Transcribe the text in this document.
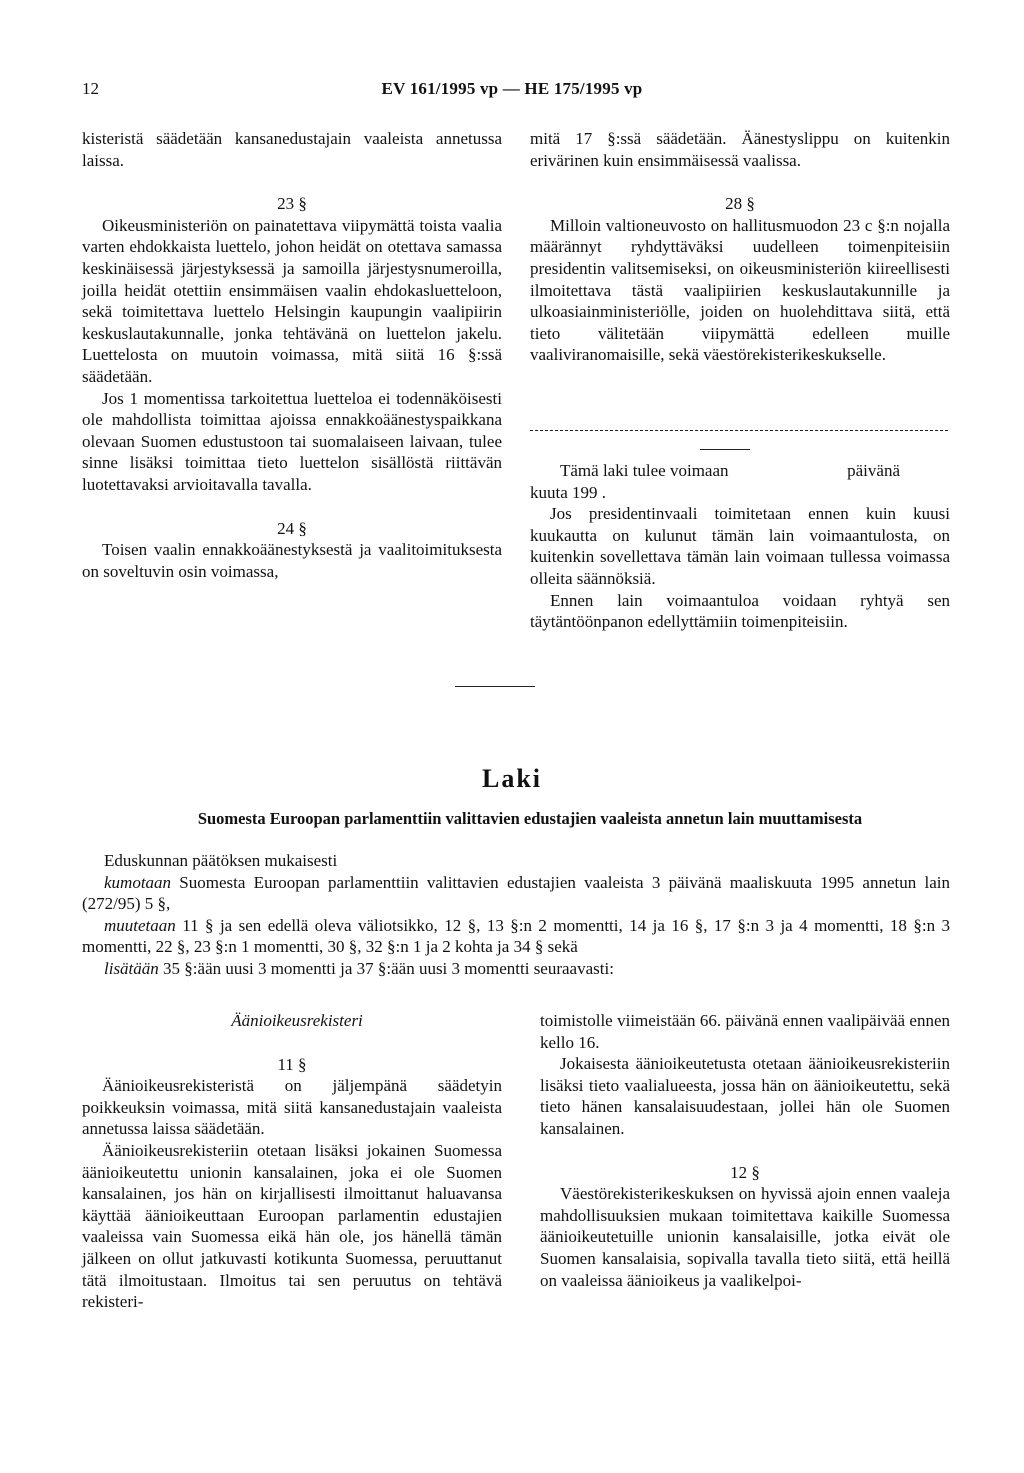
12	EV 161/1995 vp — HE 175/1995 vp

kisteristä säädetään kansanedustajain vaaleista annetussa laissa.

23 §

Oikeusministeriön on painatettava viipymättä toista vaalia varten ehdokkaista luettelo, johon heidät on otettava samassa keskinäisessä järjestyksessä ja samoilla järjestysnumeroilla, joilla heidät otettiin ensimmäisen vaalin ehdokasluetteloon, sekä toimitettava luettelo Helsingin kaupungin vaalipiirin keskuslautakunnalle, jonka tehtävänä on luettelon jakelu. Luettelosta on muutoin voimassa, mitä siitä 16 §:ssä säädetään.

Jos 1 momentissa tarkoitettua luetteloa ei todennäköisesti ole mahdollista toimittaa ajoissa ennakkoäänestyspaikkana olevaan Suomen edustustoon tai suomalaiseen laivaan, tulee sinne lisäksi toimittaa tieto luettelon sisällöstä riittävän luotettavaksi arvioitavalla tavalla.

24 §

Toisen vaalin ennakkoäänestyksestä ja vaalitoimituksesta on soveltuvin osin voimassa,

mitä 17 §:ssä säädetään. Äänestyslippu on kuitenkin erivärinen kuin ensimmäisessä vaalissa.

28 §

Milloin valtioneuvosto on hallitusmuodon 23 c §:n nojalla määrännyt ryhdyttäväksi uudelleen toimenpiteisiin presidentin valitsemiseksi, on oikeusministeriön kiireellisesti ilmoitettava tästä vaalipiirien keskuslautakunnille ja ulkoasiainministeriölle, joiden on huolehdittava siitä, että tieto välitetään viipymättä edelleen muille vaaliviranomaisille, sekä väestörekisterikeskukselle.

Tämä laki tulee voimaan	päivänä

kuuta 199 .

Jos presidentinvaali toimitetaan ennen kuin kuusi kuukautta on kulunut tämän lain voimaantulosta, on kuitenkin sovellettava tämän lain voimaan tullessa voimassa olleita säännöksiä.

Ennen lain voimaantuloa voidaan ryhtyä sen täytäntöönpanon edellyttämiin toimenpiteisiin.

Laki
Suomesta Euroopan parlamenttiin valittavien edustajien vaaleista annetun lain muuttamisesta

Eduskunnan päätöksen mukaisesti

kumotaan Suomesta Euroopan parlamenttiin valittavien edustajien vaaleista 3 päivänä maaliskuuta 1995 annetun lain (272/95) 5 §,

muutetaan 11 § ja sen edellä oleva väliotsikko, 12 §, 13 §:n 2 momentti, 14 ja 16 §, 17 §:n 3 ja 4 momentti, 18 §:n 3 momentti, 22 §, 23 §:n 1 momentti, 30 §, 32 §:n 1 ja 2 kohta ja 34 § sekä

lisätään 35 §:ään uusi 3 momentti ja 37 §:ään uusi 3 momentti seuraavasti:

Äänioikeusrekisteri

11 §

Äänioikeusrekisteristä on jäljempänä säädetyin poikkeuksin voimassa, mitä siitä kansanedustajain vaaleista annetussa laissa säädetään.

Äänioikeusrekisteriin otetaan lisäksi jokainen Suomessa äänioikeutettu unionin kansalainen, joka ei ole Suomen kansalainen, jos hän on kirjallisesti ilmoittanut haluavansa käyttää äänioikeuttaan Euroopan parlamentin edustajien vaaleissa vain Suomessa eikä hän ole, jos hänellä tämän jälkeen on ollut jatkuvasti kotikunta Suomessa, peruuttanut tätä ilmoitustaan. Ilmoitus tai sen peruutus on tehtävä rekisteri-

toimistolle viimeistään 66. päivänä ennen vaalipäivää ennen kello 16.

Jokaisesta äänioikeutetusta otetaan äänioikeusrekisteriin lisäksi tieto vaalialueesta, jossa hän on äänioikeutettu, sekä tieto hänen kansalaisuudestaan, jollei hän ole Suomen kansalainen.

12 §

Väestörekisterikeskuksen on hyvissä ajoin ennen vaaleja mahdollisuuksien mukaan toimitettava kaikille Suomessa äänioikeutetuille unionin kansalaisille, jotka eivät ole Suomen kansalaisia, sopivalla tavalla tieto siitä, että heillä on vaaleissa äänioikeus ja vaalikelpoi-
